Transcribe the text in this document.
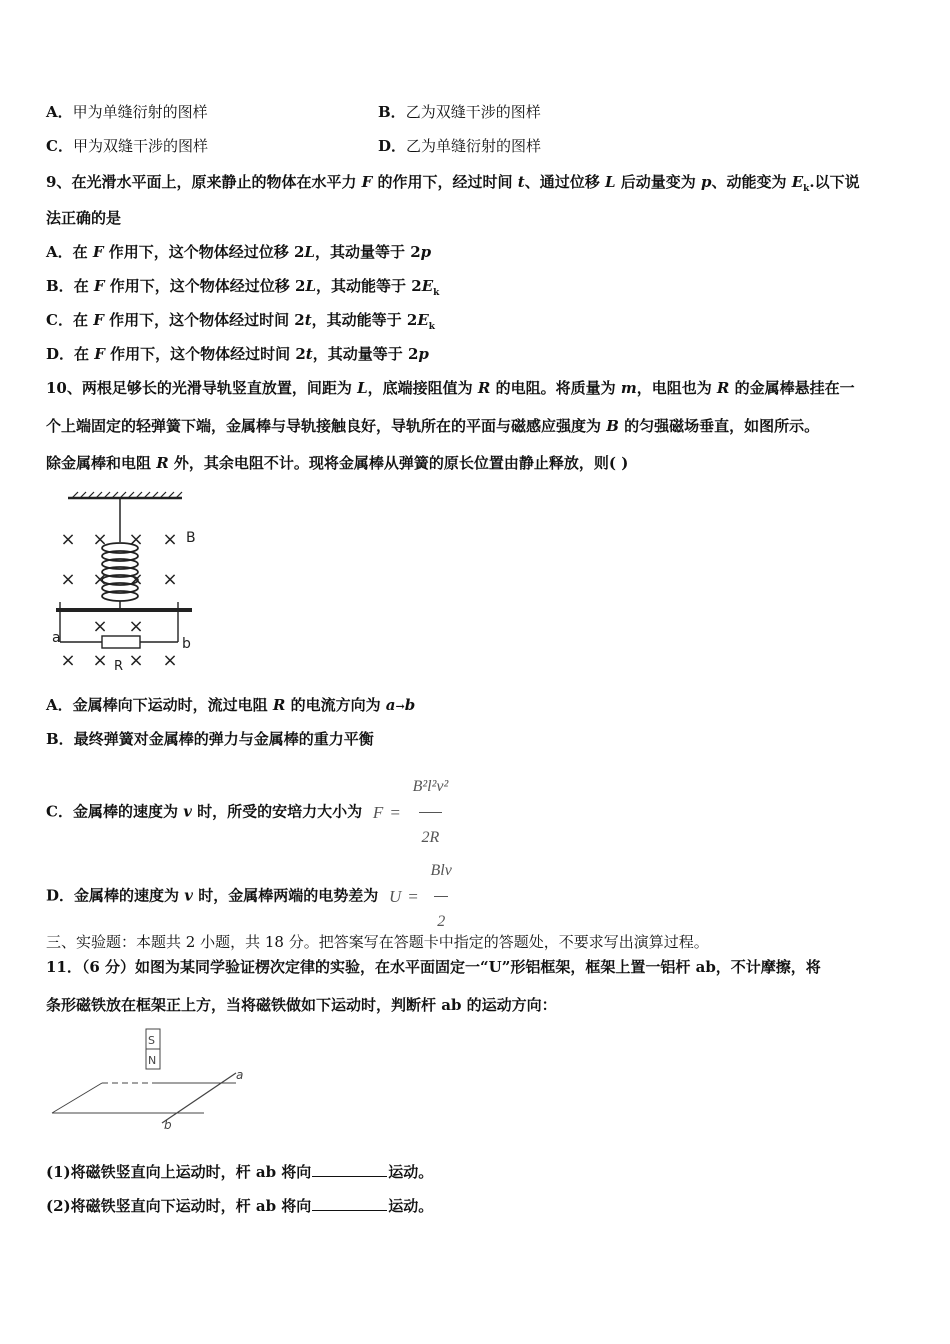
A．甲为单缝衍射的图样	B．乙为双缝干涉的图样
C．甲为双缝干涉的图样	D．乙为单缝衍射的图样
9、在光滑水平面上，原来静止的物体在水平力 F 的作用下，经过时间 t、通过位移 L 后动量变为 p、动能变为 $E_k$.以下说
法正确的是
A．在 F 作用下，这个物体经过位移 2L，其动量等于 2p
B．在 F 作用下，这个物体经过位移 2L，其动能等于 $2E_k$
C．在 F 作用下，这个物体经过时间 2t，其动能等于 $2E_k$
D．在 F 作用下，这个物体经过时间 2t，其动量等于 2p
10、两根足够长的光滑导轨竖直放置，间距为 L，底端接阻值为 R 的电阻。将质量为 m，电阻也为 R 的金属棒悬挂在一
个上端固定的轻弹簧下端，金属棒与导轨接触良好，导轨所在的平面与磁感应强度为 B 的匀强磁场垂直，如图所示。
除金属棒和电阻 R 外，其余电阻不计。现将金属棒从弹簧的原长位置由静止释放，则( )
× × × ×
× × × ×
× ×
× × × ×
B
a	b
R
A．金属棒向下运动时，流过电阻 R 的电流方向为 a→b
B．最终弹簧对金属棒的弹力与金属棒的重力平衡
C．金属棒的速度为 v 时，所受的安培力大小为 $F = \frac{\text{B²l²v²}}{2R}$
D．金属棒的速度为 v 时，金属棒两端的电势差为 $U = \frac{\text{Blv}}{2}$
三、实验题：本题共 2 小题，共 18 分。把答案写在答题卡中指定的答题处，不要求写出演算过程。
11．（6 分）如图为某同学验证楞次定律的实验，在水平面固定一“U”形铝框架，框架上置一铝杆 ab，不计摩擦，将
条形磁铁放在框架正上方，当将磁铁做如下运动时，判断杆 ab 的运动方向：
S
N
a
b
(1)将磁铁竖直向上运动时，杆 ab 将向	运动。
(2)将磁铁竖直向下运动时，杆 ab 将向	运动。
